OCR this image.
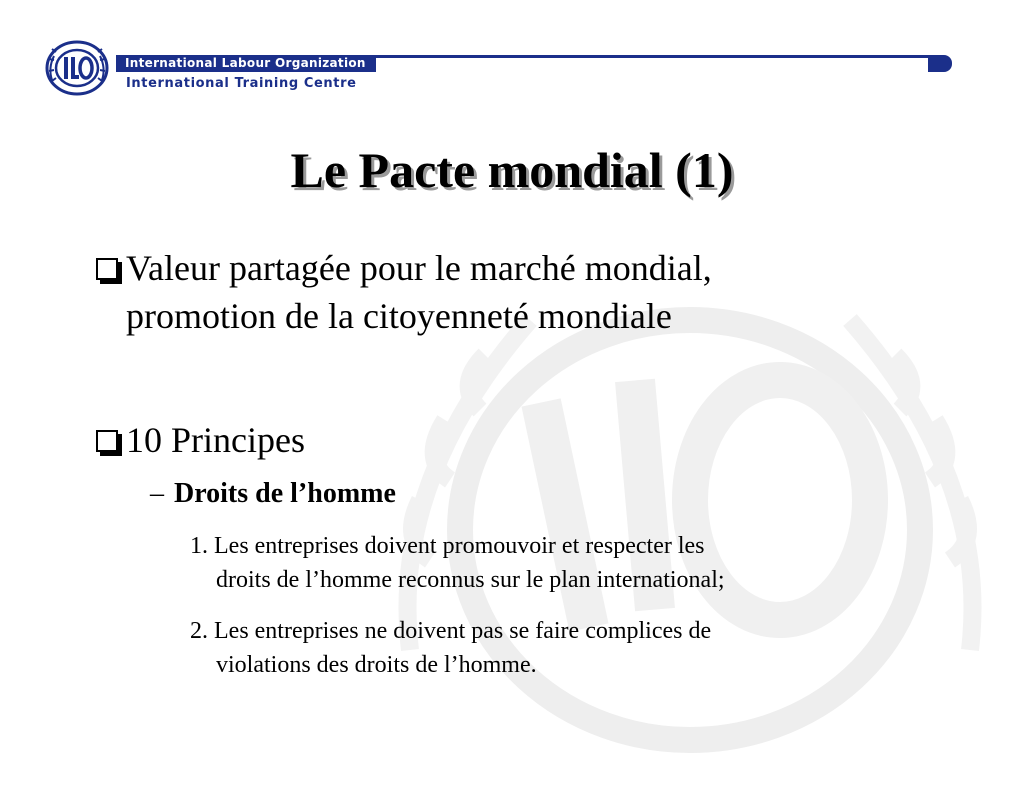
International Labour Organization
International Training Centre
Le Pacte mondial (1)
Valeur partagée pour le marché mondial,
promotion de la citoyenneté mondiale
10 Principes
– Droits de l’homme
1. Les entreprises doivent promouvoir et respecter les
droits de l’homme reconnus sur le plan international;
2. Les entreprises ne doivent pas se faire complices de
violations des droits de l’homme.
